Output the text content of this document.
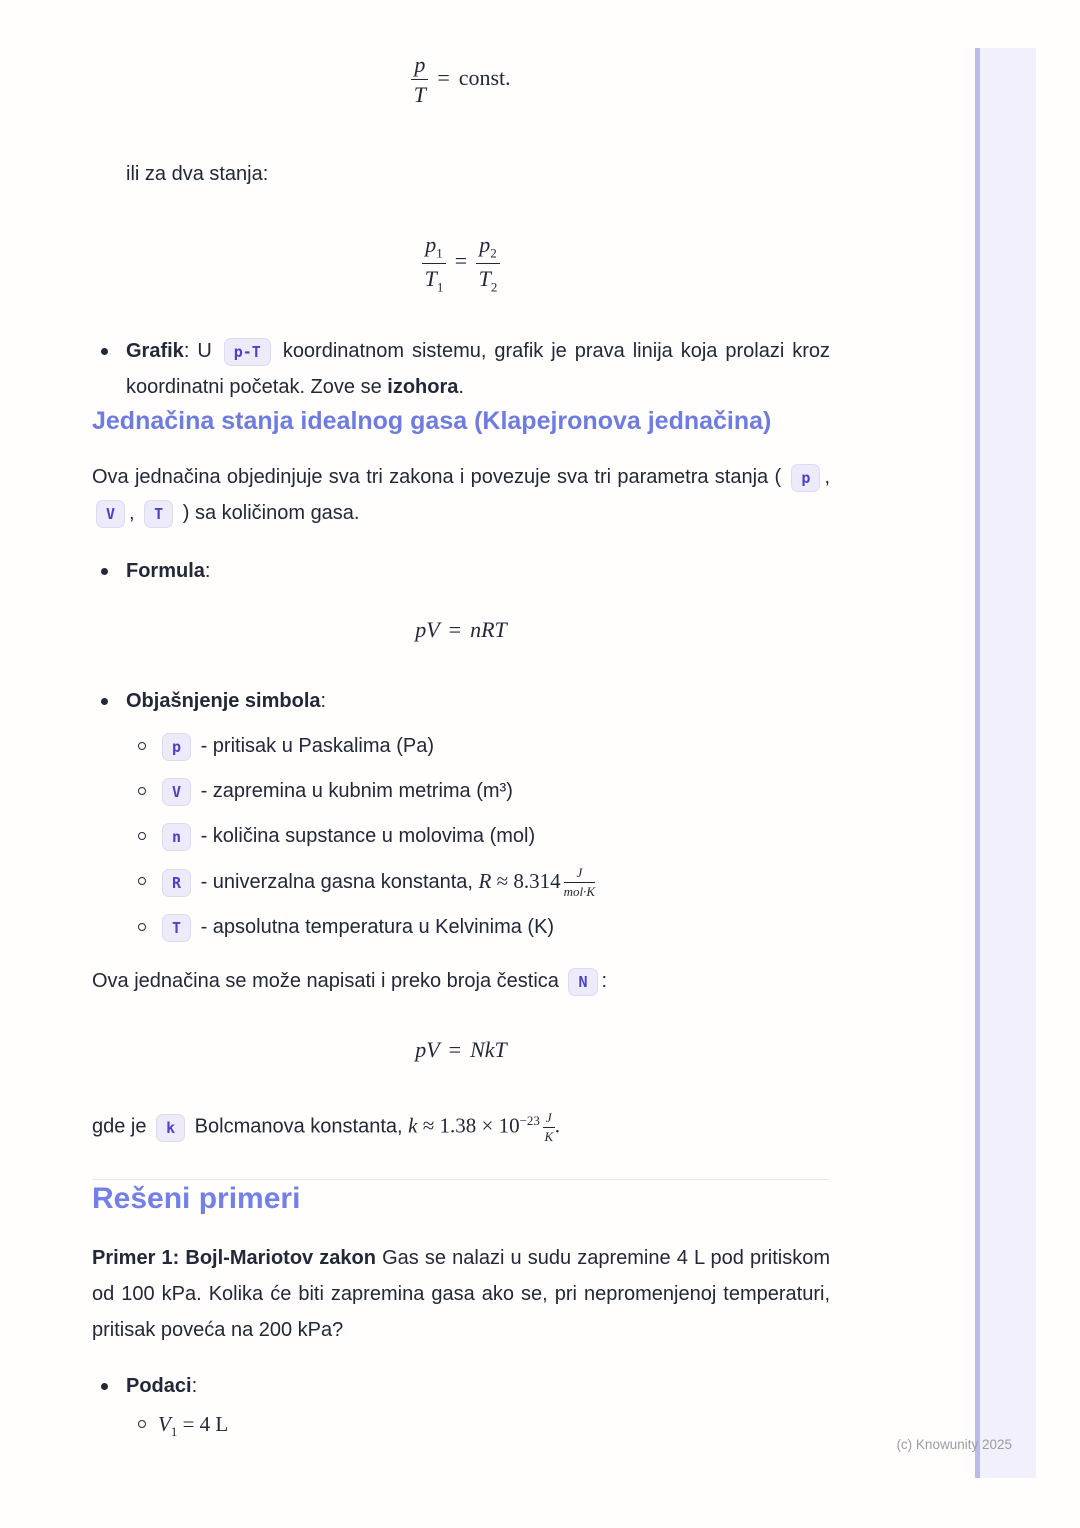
$\frac{p}{T}$ = const.
ili za dva stanja:
$\frac{p_1}{T_1} = \frac{p_2}{T_2}$
Grafik: U p-T koordinatnom sistemu, grafik je prava linija koja prolazi kroz koordinatni početak. Zove se izohora.
Jednačina stanja idealnog gasa (Klapejronova jednačina)
Ova jednačina objedinjuje sva tri zakona i povezuje sva tri parametra stanja ( p , V , T ) sa količinom gasa.
Formula:
pV = nRT
Objašnjenje simbola:
p - pritisak u Paskalima (Pa)
V - zapremina u kubnim metrima (m³)
n - količina supstance u molovima (mol)
R - univerzalna gasna konstanta, $R \approx 8.314 \frac{J}{\text{mol·K}}$
T - apsolutna temperatura u Kelvinima (K)
Ova jednačina se može napisati i preko broja čestica N :
pV = NkT
gde je k Bolcmanova konstanta, $k \approx 1.38 \times 10^{-23} \frac{J}{K}$ .
Rešeni primeri
Primer 1: Bojl-Mariotov zakon Gas se nalazi u sudu zapremine 4 L pod pritiskom od 100 kPa. Kolika će biti zapremina gasa ako se, pri nepromenjenoj temperaturi, pritisak poveća na 200 kPa?
Podaci:
$V_1 = 4$ L
(c) Knowunity 2025
